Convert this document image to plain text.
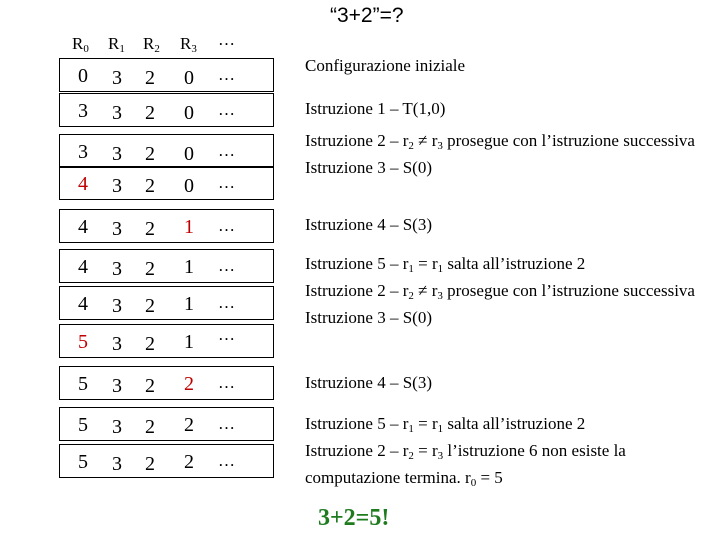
“3+2”=?
$R_0$ $R_1$ $R_2$ $R_3$ …
0 3 2 0 …
3 3 2 0 …
3 3 2 0 …
4 3 2 0 …
4 3 2 1 …
4 3 2 1 …
4 3 2 1 …
5 3 2 1 …
5 3 2 2 …
5 3 2 2 …
5 3 2 2 …
Configurazione iniziale
Istruzione 1 – T(1,0)
Istruzione $2 - r_2 \ne r_3$ prosegue con l’istruzione successiva
Istruzione 3 – S(0)
Istruzione 4 – S(3)
Istruzione $5 - r_1 = r_1$ salta all’istruzione 2
Istruzione $2 - r_2 \ne r_3$ prosegue con l’istruzione successiva
Istruzione 3 – S(0)
Istruzione 4 – S(3)
Istruzione $5 - r_1 = r_1$ salta all’istruzione 2
Istruzione $2 - r_2 = r_3$ l’istruzione 6 non esiste la computazione termina. $r_0 = 5$
3+2=5!
